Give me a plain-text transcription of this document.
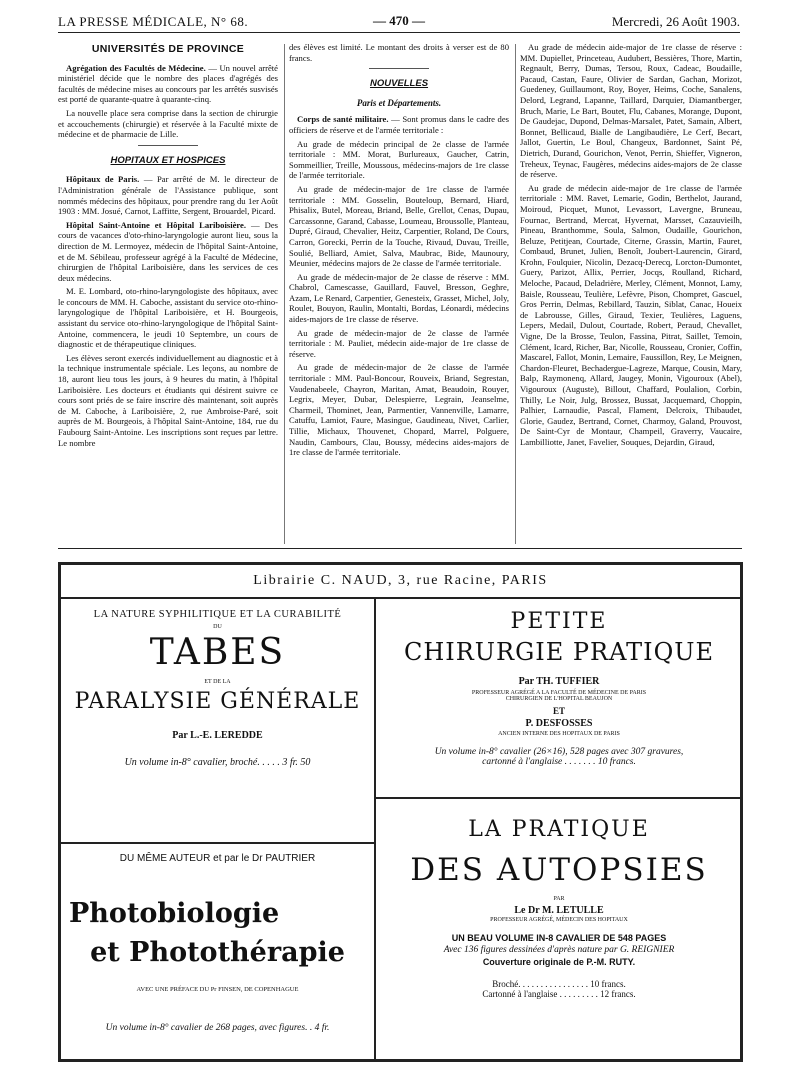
LA PRESSE MÉDICALE, N° 68.	— 470 —	Mercredi, 26 Août 1903.
UNIVERSITÉS DE PROVINCE

Agrégation des Facultés de Médecine. — Un nouvel arrêté ministériel décide que le nombre des places d'agrégés des facultés de médecine mises au concours par les arrêtés susvisés est porté de quarante-quatre à quarante-cinq.

La nouvelle place sera comprise dans la section de chirurgie et accouchements (chirurgie) et réservée à la Faculté mixte de médecine et de pharmacie de Lille.

HOPITAUX ET HOSPICES

Hôpitaux de Paris. — Par arrêté de M. le directeur de l'Administration générale de l'Assistance publique, sont nommés médecins des hôpitaux, pour prendre rang du 1er Août 1903 : MM. Josué, Carnot, Laffitte, Sergent, Brouardel, Picard.

Hôpital Saint-Antoine et Hôpital Lariboisière. — Des cours de vacances d'oto-rhino-laryngologie auront lieu, sous la direction de M. Lermoyez, médecin de l'hôpital Saint-Antoine, et de M. Sébileau, professeur agrégé à la Faculté de Médecine, chirurgien de l'hôpital Lariboisière, dans les services de ces deux médecins.

M. E. Lombard, oto-rhino-laryngologiste des hôpitaux, avec le concours de MM. H. Caboche, assistant du service oto-rhino-laryngologique de l'hôpital Lariboisière, et H. Bourgeois, assistant du service oto-rhino-laryngologique de l'hôpital Saint-Antoine, commencera, le jeudi 10 Septembre, un cours de diagnostic et de thérapeutique cliniques.

Les élèves seront exercés individuellement au diagnostic et à la technique instrumentale spéciale. Les leçons, au nombre de 18, auront lieu tous les jours, à 9 heures du matin, à l'hôpital Lariboisière. Les docteurs et étudiants qui désirent suivre ce cours sont priés de se faire inscrire dès maintenant, soit auprès de M. Caboche, à Lariboisière, 2, rue Ambroise-Paré, soit auprès de M. Bourgeois, à l'hôpital Saint-Antoine, 184, rue du Faubourg Saint-Antoine. Les inscriptions sont reçues par lettre. Le nombre

des élèves est limité. Le montant des droits à verser est de 80 francs.

NOUVELLES
Paris et Départements.

Corps de santé militaire. — Sont promus dans le cadre des officiers de réserve et de l'armée territoriale :

Au grade de médecin principal de 2e classe de l'armée territoriale : MM. Morat, Burlureaux, Gaucher, Catrin, Sommeillier, Treille, Moussous, médecins-majors de 1re classe de l'armée territoriale.

Au grade de médecin-major de 1re classe de l'armée territoriale : MM. Gosselin, Bouteloup, Bernard, Hiard, Phisalix, Butel, Moreau, Briand, Belle, Grellot, Cenas, Dupau, Carcassonne, Garand, Cabasse, Loumeau, Broussolle, Planteau, Dupré, Giraud, Chevalier, Heitz, Carpentier, Roland, De Cours, Carron, Gorecki, Perrin de la Touche, Rivaud, Duvau, Treille, Soulié, Belliard, Amiet, Salva, Maubrac, Bide, Maunoury, Meunier, médecins majors de 2e classe de l'armée territoriale.

Au grade de médecin-major de 2e classe de réserve : MM. Chabrol, Camescasse, Gauillard, Fauvel, Bresson, Geghre, Azam, Le Renard, Carpentier, Genesteix, Grasset, Michel, Joly, Roulet, Bouyon, Raulin, Montalti, Bordas, Léonardi, médecins aides-majors de 1re classe de réserve.

Au grade de médecin-major de 2e classe de l'armée territoriale : M. Pauliet, médecin aide-major de 1re classe de réserve.

Au grade de médecin-major de 2e classe de l'armée territoriale : MM. Paul-Boncour, Rouveix, Briand, Segrestan, Vaudenabeele, Chayron, Maritan, Amat, Beaudoin, Rouyer, Legrix, Meyer, Dubar, Delespierre, Legrain, Jeanselme, Charmeil, Thominet, Jean, Parmentier, Vannenville, Lamarre, Catuffu, Lamiot, Faure, Masingue, Gaudineau, Nivet, Carlier, Tillie, Michaux, Thouvenet, Chopard, Marrel, Polguere, Naudin, Cambours, Clau, Boussy, médecins aides-majors de 1re classe de l'armée territoriale.

Au grade de médecin aide-major de 1re classe de réserve : MM. Dupiellet, Princeteau, Audubert, Bessières, Thore, Martin, Regnault, Berry, Dumas, Tersou, Roux, Cadeac, Boudaille, Pacaud, Castan, Faure, Olivier de Sardan, Gachan, Morizot, Guedeney, Guillaumont, Roy, Boyer, Heims, Coche, Sanalens, Delord, Legrand, Lapanne, Taillard, Darquier, Diamantberger, Bruch, Marie, Le Bart, Boutet, Flu, Cabanes, Morange, Dupont, De Gaudejac, Dupond, Delmas-Marsalet, Patet, Samain, Albert, Bonnet, Bellicaud, Bialle de Langibaudière, Le Cerf, Becart, Jallot, Guertin, Le Boul, Changeux, Bardonnet, Saint Pé, Dietrich, Durand, Gourichon, Venot, Perrin, Shieffer, Vigneron, Treheux, Teynac, Faugères, médecins aides-majors de 2e classe de réserve.

Au grade de médecin aide-major de 1re classe de l'armée territoriale : MM. Ravet, Lemarie, Godin, Berthelot, Jaurand, Moiroud, Picquet, Munot, Levassort, Lavergne, Bruneau, Fournac, Bertrand, Mercat, Hyvernat, Marsset, Cazauvieilh, Pineau, Branthomme, Soula, Salmon, Oudaille, Gourichon, Beluze, Petitjean, Courtade, Citerne, Grassin, Martin, Fauret, Combaud, Brunet, Julien, Benoît, Joubert-Laurencin, Girard, Krohn, Foulquier, Nicolin, Dezacq-Derecq, Lorcton-Dumontet, Guery, Parizot, Allix, Perrier, Jocqs, Roulland, Richard, Meloche, Pacaud, Deladrière, Merley, Clément, Monnot, Lamy, Baisle, Rousseau, Teulière, Lefèvre, Pison, Chompret, Gascuel, Gros Perrin, Delmas, Rebillard, Tauzin, Siblat, Canac, Houeix de Labrousse, Gilles, Giraud, Texier, Teulières, Laguens, Lepers, Medail, Dulout, Courtade, Robert, Peraud, Chevallet, Vigne, De la Brosse, Teulon, Fassina, Pitrat, Saillet, Temoin, Clément, Icard, Richer, Bar, Nicolle, Rousseau, Cronier, Coffin, Mascarel, Fallot, Monin, Lemaire, Faussillon, Rey, Le Meignen, Chardon-Fleuret, Bechadergue-Lagreze, Marque, Cousin, Mary, Balp, Raymonenq, Allard, Jaugey, Monin, Vigouroux (Abel), Vigouroux (Auguste), Billout, Chaffard, Poulalion, Corbin, Thilly, Le Noir, Julg, Brossez, Bussat, Jacquemard, Choppin, Palhier, Larnaudie, Pascal, Flament, Delcroix, Thibaudet, Glorie, Gaudez, Bertrand, Cornet, Charmoy, Galand, Prouvost, De Saint-Cyr de Montaur, Champeil, Graverry, Vaucaire, Lambilliotte, Janet, Favelier, Souques, Dejardin, Giraud,

Librairie C. NAUD, 3, rue Racine, PARIS
LA NATURE SYPHILITIQUE ET LA CURABILITÉ
DU
TABES
ET DE LA
PARALYSIE GÉNÉRALE
Par L.-E. LEREDDE
Un volume in-8° cavalier, broché. . . . . 3 fr. 50
PETITE
CHIRURGIE PRATIQUE
Par TH. TUFFIER
PROFESSEUR AGRÉGÉ A LA FACULTÉ DE MÉDECINE DE PARIS
CHIRURGIEN DE L'HOPITAL BEAUJON
ET
P. DESFOSSES
ANCIEN INTERNE DES HOPITAUX DE PARIS
Un volume in-8° cavalier (26×16), 528 pages avec 307 gravures,
cartonné à l'anglaise . . . . . . . 10 francs.
DU MÊME AUTEUR et par le Dr PAUTRIER
Photobiologie
et Photothérapie
AVEC UNE PRÉFACE DU Pr FINSEN, DE COPENHAGUE
Un volume in-8° cavalier de 268 pages, avec figures. . 4 fr.
LA PRATIQUE
DES AUTOPSIES
PAR
Le Dr M. LETULLE
PROFESSEUR AGRÉGÉ, MÉDECIN DES HOPITAUX
UN BEAU VOLUME IN-8 CAVALIER DE 548 PAGES
Avec 136 figures dessinées d'après nature par G. REIGNIER
Couverture originale de P.-M. RUTY.
Broché. . . . . . . . . . . . . . . . 10 francs.
Cartonné à l'anglaise . . . . . . . . . 12 francs.
